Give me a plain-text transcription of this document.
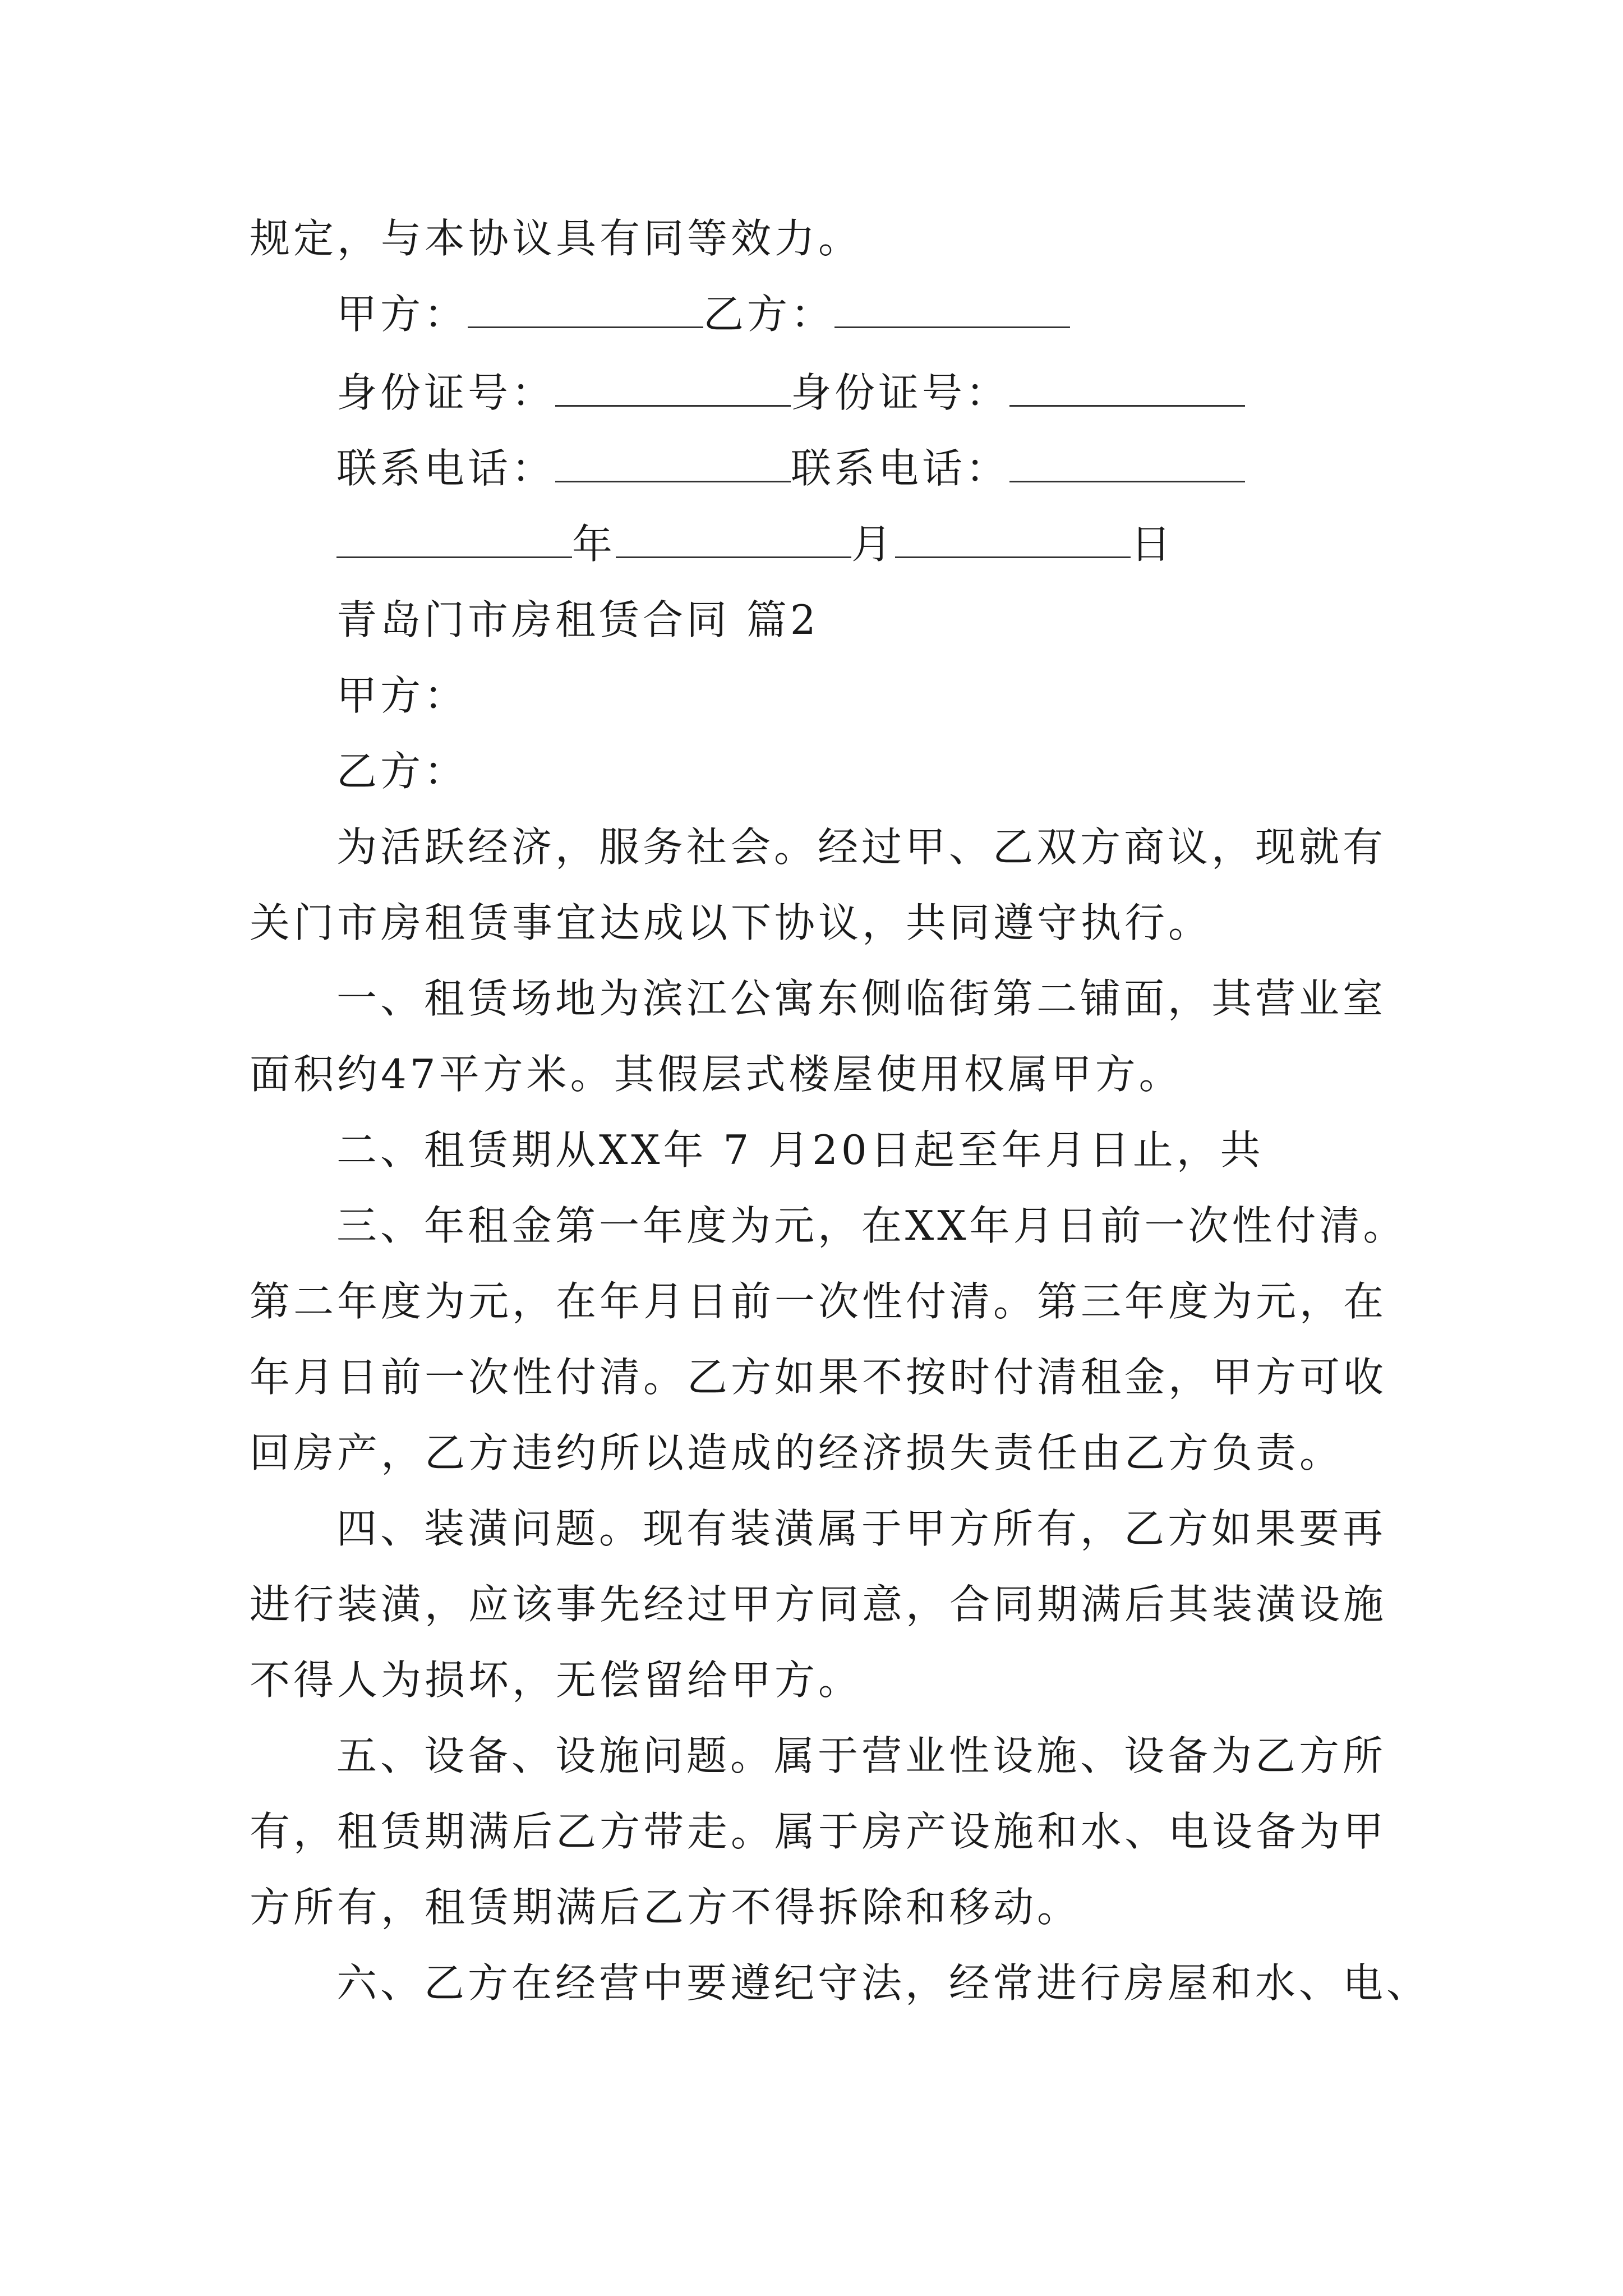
规定，与本协议具有同等效力。
甲方：	乙方：
身份证号：	身份证号：
联系电话：	联系电话：
年	月	日
青岛门市房租赁合同 篇2
甲方：
乙方：
为活跃经济，服务社会。经过甲、乙双方商议，现就有
关门市房租赁事宜达成以下协议，共同遵守执行。
一、租赁场地为滨江公寓东侧临街第二铺面，其营业室
面积约47平方米。其假层式楼屋使用权属甲方。
二、租赁期从XX年 7 月20日起至年月日止，共
三、年租金第一年度为元，在XX年月日前一次性付清。
第二年度为元，在年月日前一次性付清。第三年度为元，在
年月日前一次性付清。乙方如果不按时付清租金，甲方可收
回房产，乙方违约所以造成的经济损失责任由乙方负责。
四、装潢问题。现有装潢属于甲方所有，乙方如果要再
进行装潢，应该事先经过甲方同意，合同期满后其装潢设施
不得人为损坏，无偿留给甲方。
五、设备、设施问题。属于营业性设施、设备为乙方所
有，租赁期满后乙方带走。属于房产设施和水、电设备为甲
方所有，租赁期满后乙方不得拆除和移动。
六、乙方在经营中要遵纪守法，经常进行房屋和水、电、
